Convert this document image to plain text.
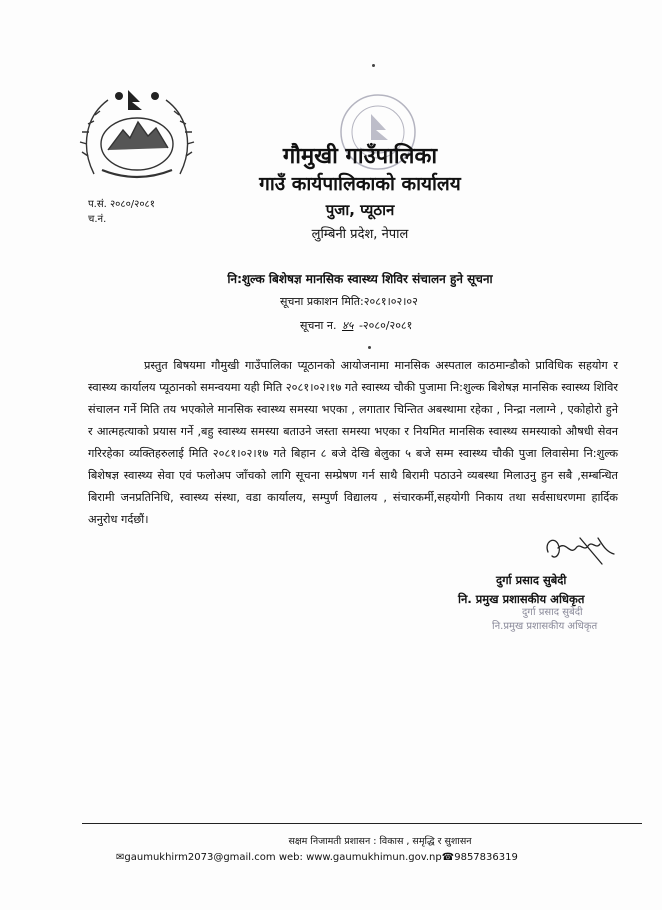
गौमुखी गाउँपालिका
गाउँ कार्यपालिकाको कार्यालय
पुजा, प्यूठान
लुम्बिनी प्रदेश, नेपाल
प.सं. २०८०/२०८१
च.नं.
नि:शुल्क बिशेषज्ञ मानसिक स्वास्थ्य शिविर संचालन हुने सूचना
सूचना प्रकाशन मिति:२०८१।०२।०२
सूचना न. ४५ -२०८०/२०८१
प्रस्तुत बिषयमा गौमुखी गाउँपालिका प्यूठानको आयोजनामा मानसिक अस्पताल काठमान्डौको प्राविधिक सहयोग र स्वास्थ्य कार्यालय प्यूठानको समन्वयमा यही मिति २०८१।०२।१७ गते स्वास्थ्य चौकी पुजामा नि:शुल्क बिशेषज्ञ मानसिक स्वास्थ्य शिविर संचालन गर्ने मिति तय भएकोले मानसिक स्वास्थ्य समस्या भएका , लगातार चिन्तित अबस्थामा रहेका , निन्द्रा नलाग्ने , एकोहोरो हुने र आत्महत्याको प्रयास गर्ने ,बहु स्वास्थ्य समस्या बताउने जस्ता समस्या भएका र नियमित मानसिक स्वास्थ्य समस्याको औषधी सेवन गरिरहेका व्यक्तिहरुलाई मिति २०८१।०२।१७ गते बिहान ८ बजे देखि बेलुका ५ बजे सम्म स्वास्थ्य चौकी पुजा लिवासेमा नि:शुल्क बिशेषज्ञ स्वास्थ्य सेवा एवं फलोअप जाँचको लागि सूचना सम्प्रेषण गर्न साथै बिरामी पठाउने व्यबस्था मिलाउनु हुन सबै ,सम्बन्धित बिरामी जनप्रतिनिधि, स्वास्थ्य संस्था, वडा कार्यालय, सम्पुर्ण विद्यालय , संचारकर्मी,सहयोगी निकाय तथा सर्वसाधरणमा हार्दिक अनुरोध गर्दछौं।
दुर्गा प्रसाद सुबेदी
नि. प्रमुख प्रशासकीय अधिकृत
दुर्गा प्रसाद सुबेदी
नि.प्रमुख प्रशासकीय अधिकृत
सक्षम निजामती प्रशासन : विकास , समृद्धि र सुशासन
✉gaumukhirm2073@gmail.com web: www.gaumukhimun.gov.np☎9857836319
